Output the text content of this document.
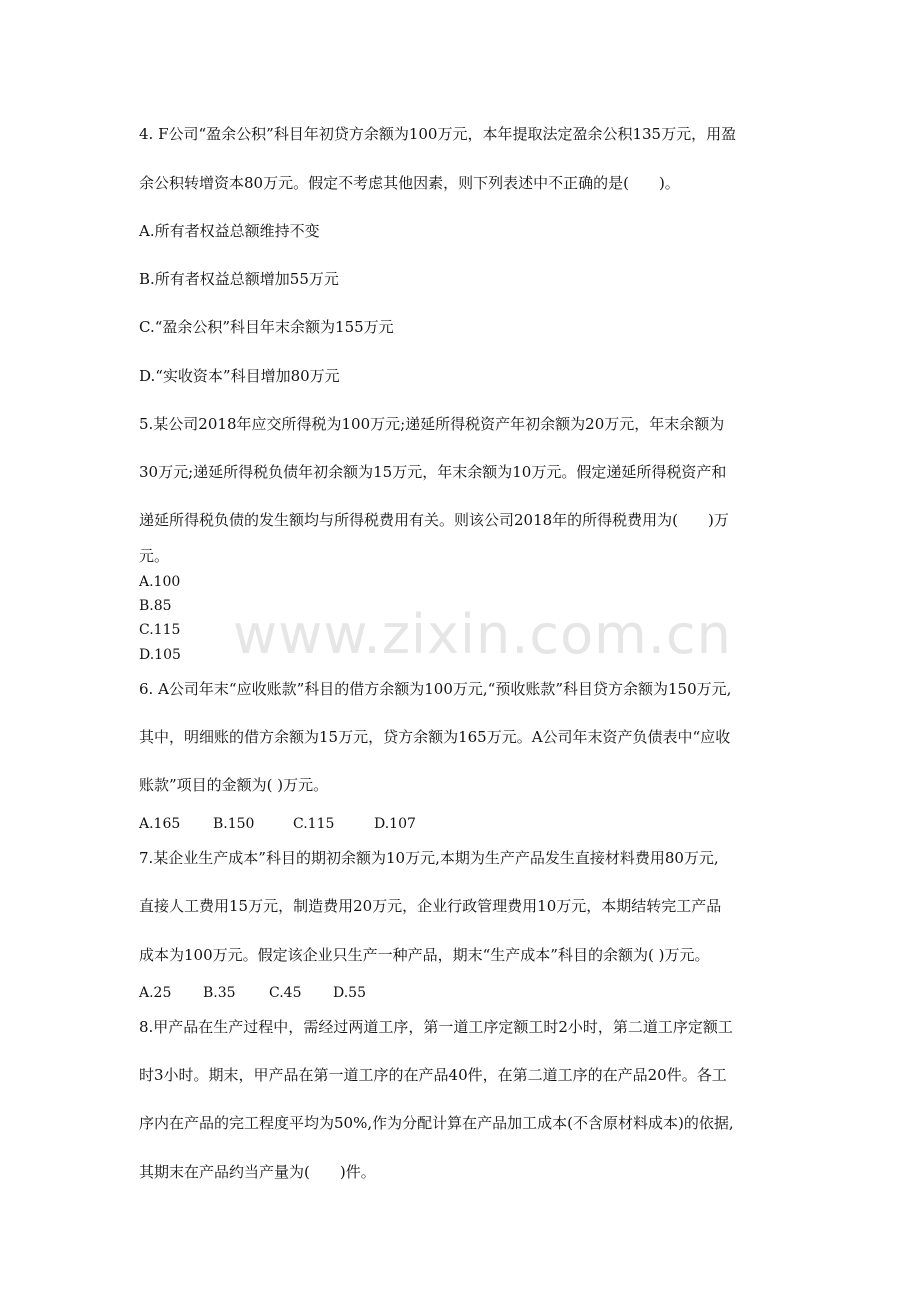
www.zixin.com.cn
4. F公司“盈余公积”科目年初贷方余额为100万元，本年提取法定盈余公积135万元，用盈
余公积转增资本80万元。假定不考虑其他因素，则下列表述中不正确的是(　　)。
A.所有者权益总额维持不变
B.所有者权益总额增加55万元
C.“盈余公积”科目年末余额为155万元
D.“实收资本”科目增加80万元
5.某公司2018年应交所得税为100万元;递延所得税资产年初余额为20万元，年末余额为
30万元;递延所得税负债年初余额为15万元，年末余额为10万元。假定递延所得税资产和
递延所得税负债的发生额均与所得税费用有关。则该公司2018年的所得税费用为(　　)万
元。
A.100
B.85
C.115
D.105
6. A公司年末“应收账款”科目的借方余额为100万元,“预收账款”科目贷方余额为150万元,
其中，明细账的借方余额为15万元，贷方余额为165万元。A公司年末资产负债表中“应收
账款”项目的金额为( )万元。
A.165 B.150	C.115	D.107
7.某企业生产成本”科目的期初余额为10万元,本期为生产产品发生直接材料费用80万元,
直接人工费用15万元，制造费用20万元，企业行政管理费用10万元，本期结转完工产品
成本为100万元。假定该企业只生产一种产品，期末“生产成本”科目的余额为( )万元。
A.25 B.35 C.45 D.55
8.甲产品在生产过程中，需经过两道工序，第一道工序定额工时2小时，第二道工序定额工
时3小时。期末，甲产品在第一道工序的在产品40件，在第二道工序的在产品20件。各工
序内在产品的完工程度平均为50%,作为分配计算在产品加工成本(不含原材料成本)的依据,
其期末在产品约当产量为(　　)件。
